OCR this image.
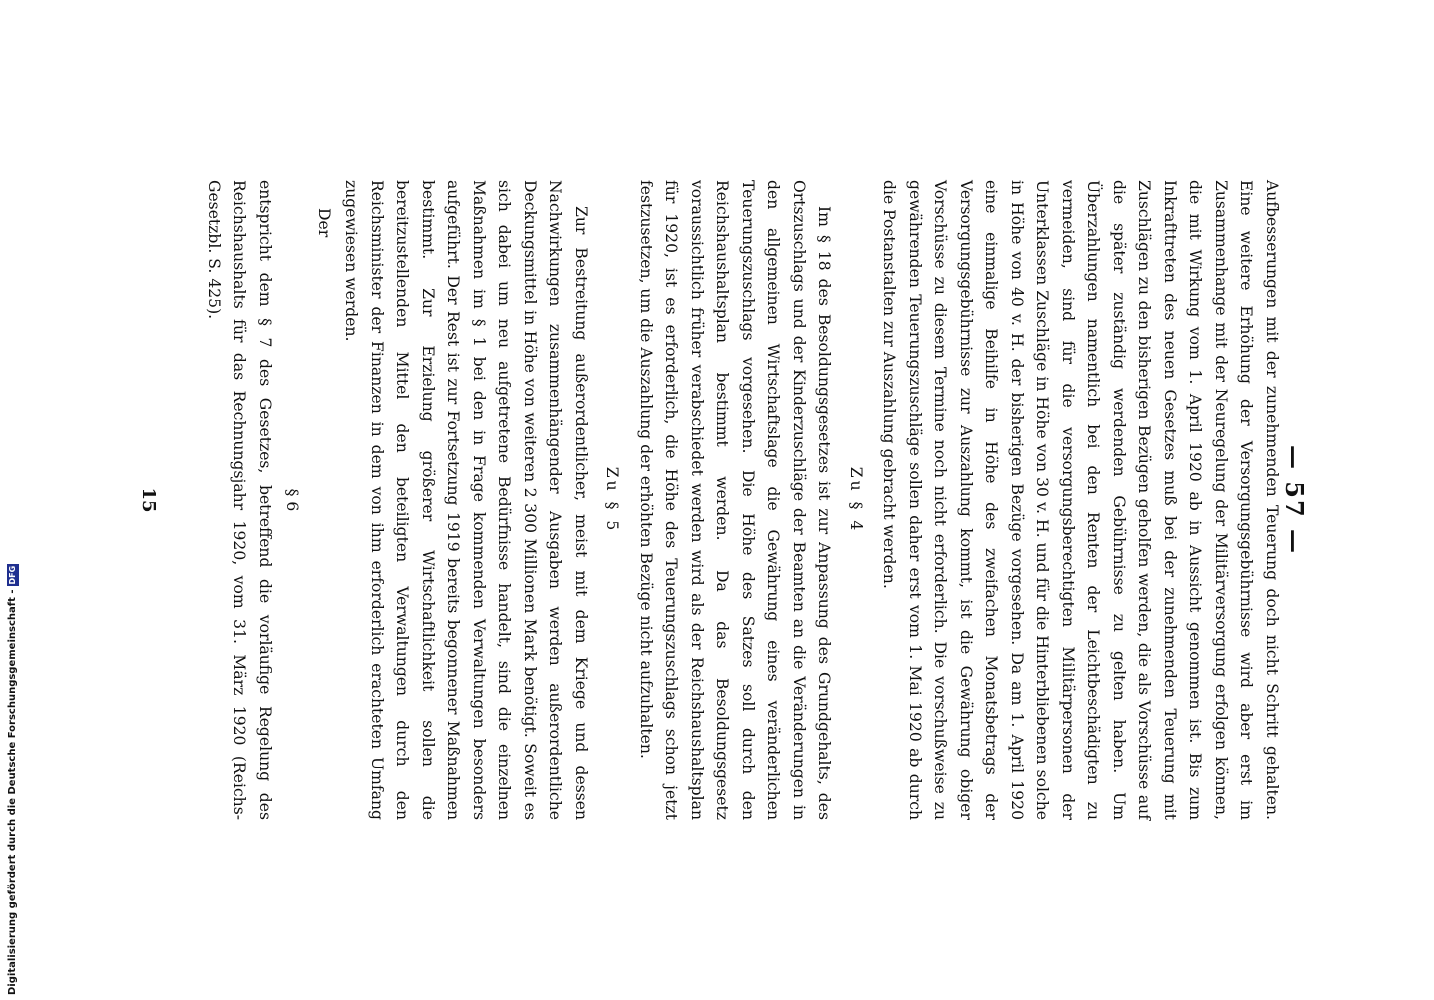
— 57 —

Aufbesserungen mit der zunehmenden Teuerung doch nicht Schritt gehalten. Eine weitere Erhöhung der Versorgungsgebührnisse wird aber erst im Zusammenhange mit der Neuregelung der Militärversorgung erfolgen können, die mit Wirkung vom 1. April 1920 ab in Aussicht genommen ist. Bis zum Inkrafttreten des neuen Gesetzes muß bei der zunehmenden Teuerung mit Zuschlägen zu den bisherigen Bezügen geholfen werden, die als Vorschüsse auf die später zuständig werdenden Gebührnisse zu gelten haben. Um Überzahlungen namentlich bei den Renten der Leichtbeschädigten zu vermeiden, sind für die versorgungsberechtigten Militärpersonen der Unterklassen Zuschläge in Höhe von 30 v. H. und für die Hinterbliebenen solche in Höhe von 40 v. H. der bisherigen Bezüge vorgesehen. Da am 1. April 1920 eine einmalige Beihilfe in Höhe des zweifachen Monatsbetrags der Versorgungsgebührnisse zur Auszahlung kommt, ist die Gewährung obiger Vorschüsse zu diesem Termine noch nicht erforderlich. Die vorschußweise zu gewährenden Teuerungszuschläge sollen daher erst vom 1. Mai 1920 ab durch die Postanstalten zur Auszahlung gebracht werden.

Zu § 4

Im § 18 des Besoldungsgesetzes ist zur Anpassung des Grundgehalts, des Ortszuschlags und der Kinderzuschläge der Beamten an die Veränderungen in den allgemeinen Wirtschaftslage die Gewährung eines veränderlichen Teuerungszuschlags vorgesehen. Die Höhe des Satzes soll durch den Reichshaushaltsplan bestimmt werden. Da das Besoldungsgesetz voraussichtlich früher verabschiedet werden wird als der Reichshaushaltsplan für 1920, ist es erforderlich, die Höhe des Teuerungszuschlags schon jetzt festzusetzen, um die Auszahlung der erhöhten Bezüge nicht aufzuhalten.

Zu § 5

Zur Bestreitung außerordentlicher, meist mit dem Kriege und dessen Nachwirkungen zusammenhängender Ausgaben werden außerordentliche Deckungsmittel in Höhe von weiteren 2 300 Millionen Mark benötigt. Soweit es sich dabei um neu aufgetretene Bedürfnisse handelt, sind die einzelnen Maßnahmen im § 1 bei den in Frage kommenden Verwaltungen besonders aufgeführt. Der Rest ist zur Fortsetzung 1919 bereits begonnener Maßnahmen bestimmt. Zur Erzielung größerer Wirtschaftlichkeit sollen die bereitzustellenden Mittel den beteiligten Verwaltungen durch den Reichsminister der Finanzen in dem von ihm erforderlich erachteten Umfang zugewiesen werden.

Der
§ 6

entspricht dem § 7 des Gesetzes, betreffend die vorläufige Regelung des Reichshaushalts für das Rechnungsjahr 1920, vom 31. März 1920 (Reichs-Gesetzbl. S. 425).

15
Digitalisierung gefördert durch die Deutsche Forschungsgemeinschaft -DFG
